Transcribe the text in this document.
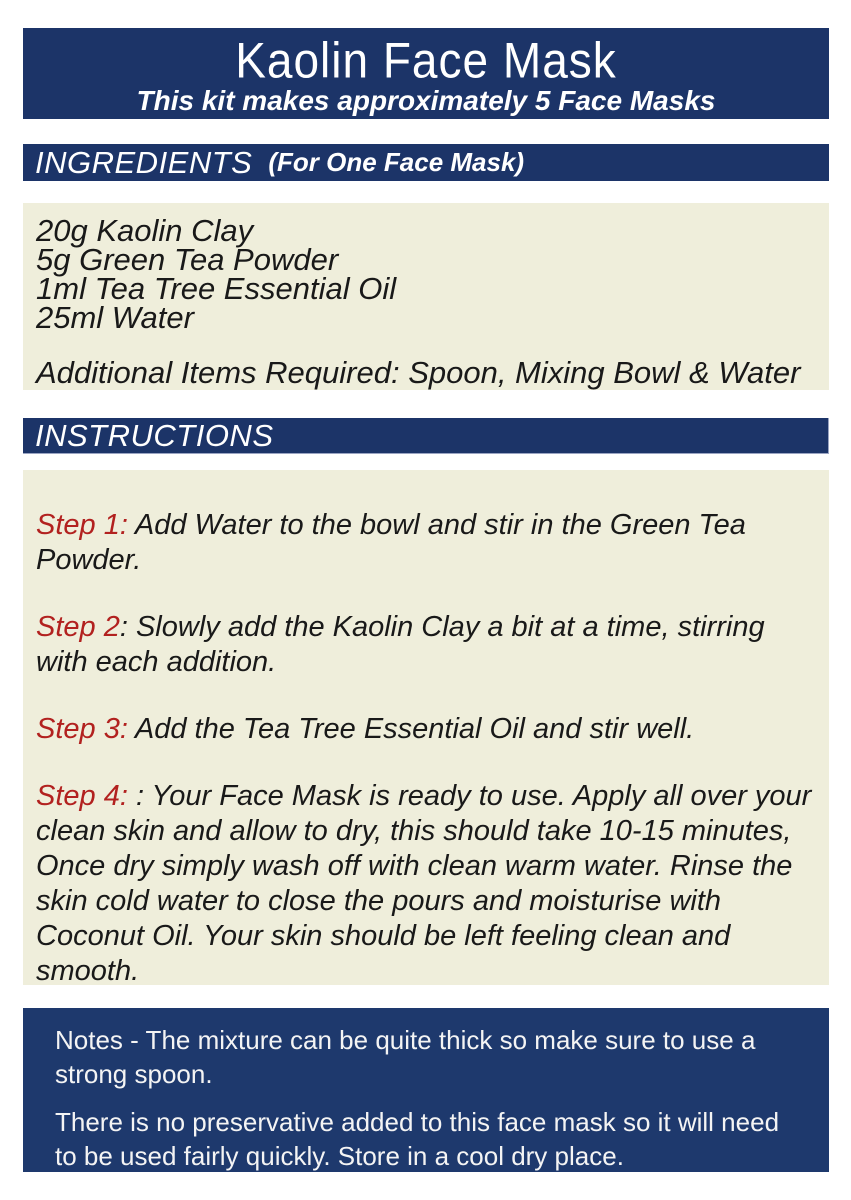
Kaolin Face Mask
This kit makes approximately 5 Face Masks
INGREDIENTS (For One Face Mask)
20g Kaolin Clay
5g Green Tea Powder
1ml Tea Tree Essential Oil
25ml Water
Additional Items Required: Spoon, Mixing Bowl & Water
INSTRUCTIONS

Step 1: Add Water to the bowl and stir in the Green Tea Powder.

Step 2: Slowly add the Kaolin Clay a bit at a time, stirring with each addition.

Step 3: Add the Tea Tree Essential Oil and stir well.

Step 4: : Your Face Mask is ready to use. Apply all over your clean skin and allow to dry, this should take 10-15 minutes, Once dry simply wash off with clean warm water. Rinse the skin cold water to close the pours and moisturise with Coconut Oil. Your skin should be left feeling clean and smooth.

Notes - The mixture can be quite thick so make sure to use a strong spoon.

There is no preservative added to this face mask so it will need to be used fairly quickly. Store in a cool dry place.
